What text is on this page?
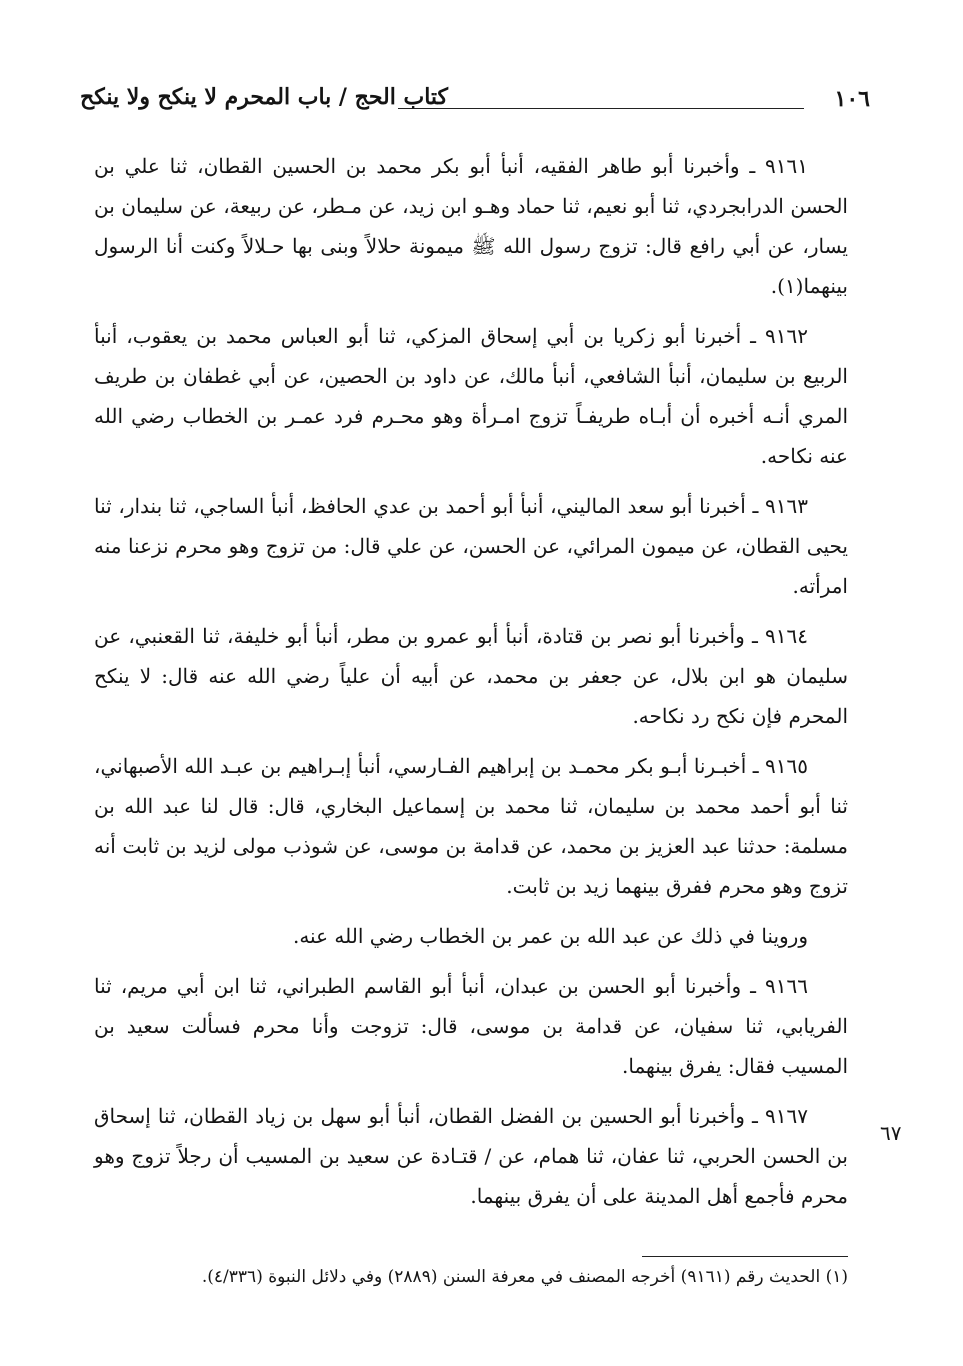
١٠٦
كتاب الحج / باب المحرم لا ينكح ولا ينكح

٩١٦١ ـ وأخبرنا أبو طاهر الفقيه، أنبأ أبو بكر محمد بن الحسين القطان، ثنا علي بن الحسن الدرابجردي، ثنا أبو نعيم، ثنا حماد وهـو ابن زيد، عن مـطر، عن ربيعة، عن سليمان بن يسار، عن أبي رافع قال: تزوج رسول الله ﷺ ميمونة حلالاً وبنى بها حـلالاً وكنت أنا الرسول بينهما(١).

٩١٦٢ ـ أخبرنا أبو زكريا بن أبي إسحاق المزكي، ثنا أبو العباس محمد بن يعقوب، أنبأ الربيع بن سليمان، أنبأ الشافعي، أنبأ مالك، عن داود بن الحصين، عن أبي غطفان بن طريف المري أنـه أخبره أن أبـاه طريفـاً تزوج امـرأة وهو محـرم فرد عمـر بن الخطاب رضي الله عنه نكاحه.

٩١٦٣ ـ أخبرنا أبو سعد الماليني، أنبأ أبو أحمد بن عدي الحافظ، أنبأ الساجي، ثنا بندار، ثنا يحيى القطان، عن ميمون المرائي، عن الحسن، عن علي قال: من تزوج وهو محرم نزعنا منه امرأته.

٩١٦٤ ـ وأخبرنا أبو نصر بن قتادة، أنبأ أبو عمرو بن مطر، أنبأ أبو خليفة، ثنا القعنبي، عن سليمان هو ابن بلال، عن جعفر بن محمد، عن أبيه أن علياً رضي الله عنه قال: لا ينكح المحرم فإن نكح رد نكاحه.

٩١٦٥ ـ أخبـرنا أبـو بكر محمـد بن إبراهيم الفـارسي، أنبأ إبـراهيم بن عبـد الله الأصبهاني، ثنا أبو أحمد محمد بن سليمان، ثنا محمد بن إسماعيل البخاري، قال: قال لنا عبد الله بن مسلمة: حدثنا عبد العزيز بن محمد، عن قدامة بن موسى، عن شوذب مولى لزيد بن ثابت أنه تزوج وهو محرم ففرق بينهما زيد بن ثابت.

وروينا في ذلك عن عبد الله بن عمر بن الخطاب رضي الله عنه.

٩١٦٦ ـ وأخبرنا أبو الحسن بن عبدان، أنبأ أبو القاسم الطبراني، ثنا ابن أبي مريم، ثنا الفريابي، ثنا سفيان، عن قدامة بن موسى، قال: تزوجت وأنا محرم فسألت سعيد بن المسيب فقال: يفرق بينهما.

٩١٦٧ ـ وأخبرنا أبو الحسين بن الفضل القطان، أنبأ أبو سهل بن زياد القطان، ثنا إسحاق بن الحسن الحربي، ثنا عفان، ثنا همام، عن / قتـادة عن سعيد بن المسيب أن رجلاً تزوج وهو محرم فأجمع أهل المدينة على أن يفرق بينهما.

٦٧
(١) الحديث رقم (٩١٦١) أخرجه المصنف في معرفة السنن (٢٨٨٩) وفي دلائل النبوة (٤/٣٣٦).
